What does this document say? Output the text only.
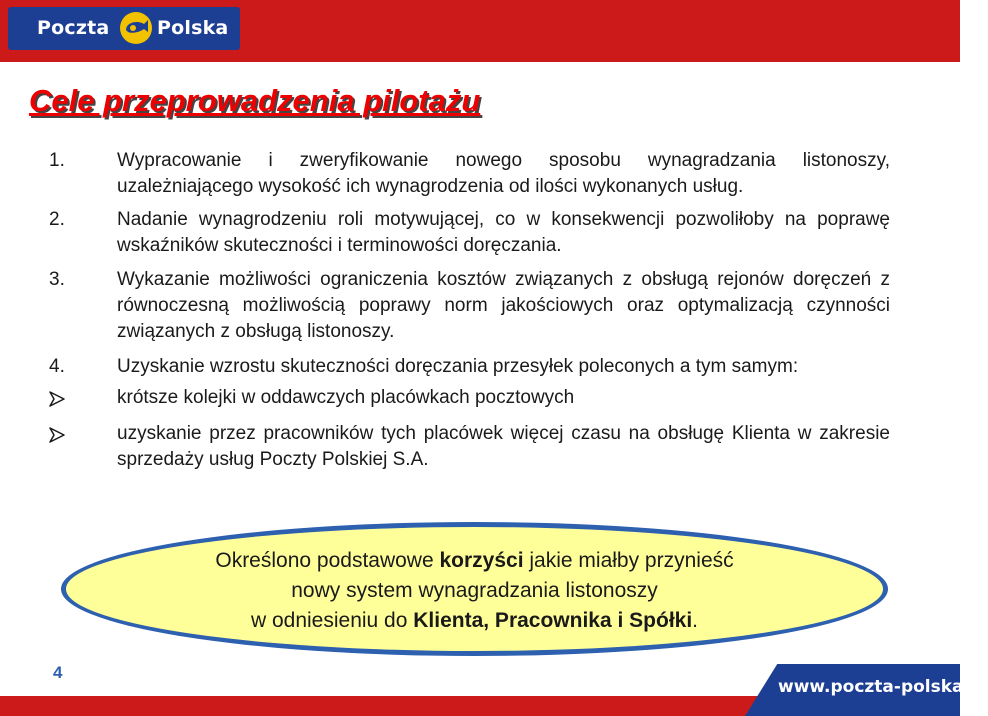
Poczta	Polska
Cele przeprowadzenia pilotażu
1.	Wypracowanie i zweryfikowanie nowego sposobu wynagradzania listonoszy, uzależniającego wysokość ich wynagrodzenia od ilości wykonanych usług.
2.	Nadanie wynagrodzeniu roli motywującej, co w konsekwencji pozwoliłoby na poprawę wskaźników skuteczności i terminowości doręczania.
3.	Wykazanie możliwości ograniczenia kosztów związanych z obsługą rejonów doręczeń z równoczesną możliwością poprawy norm jakościowych oraz optymalizacją czynności związanych z obsługą listonoszy.
4.	Uzyskanie wzrostu skuteczności doręczania przesyłek poleconych a tym samym:
krótsze kolejki w oddawczych placówkach pocztowych
uzyskanie przez pracowników tych placówek więcej czasu na obsługę Klienta w zakresie sprzedaży usług Poczty Polskiej S.A.
Określono podstawowe korzyści jakie miałby przynieść
nowy system wynagradzania listonoszy
w odniesieniu do Klienta, Pracownika i Spółki.
4
www.poczta-polska.pl
